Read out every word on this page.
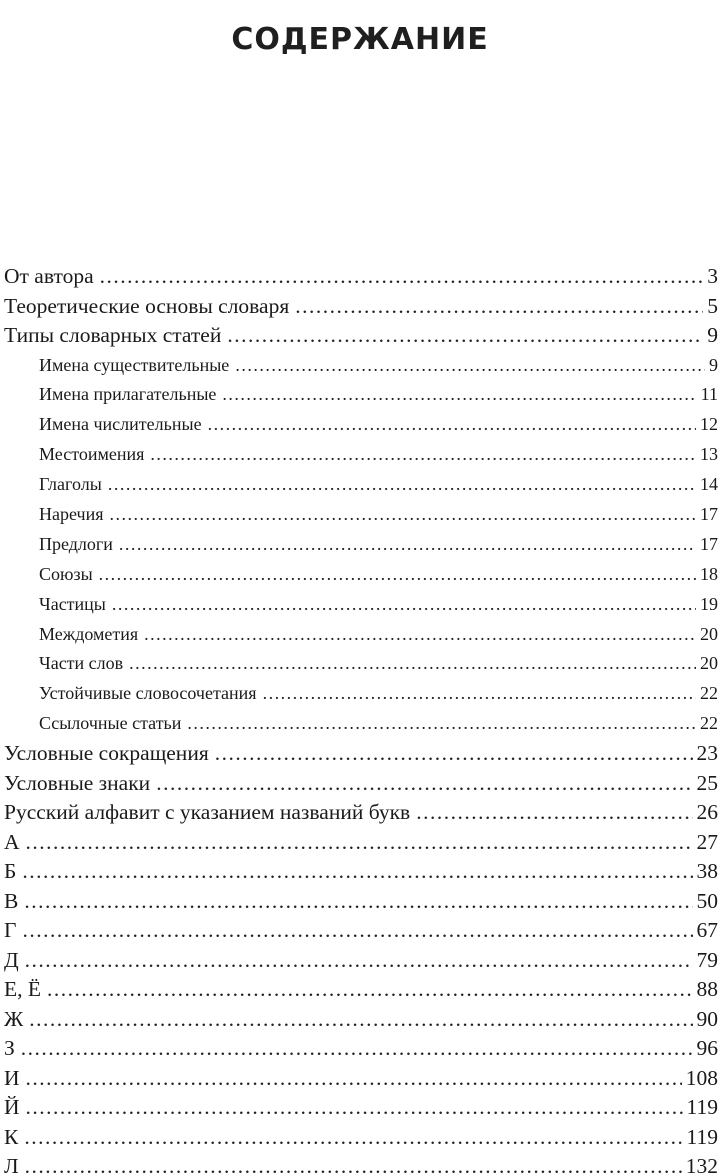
СОДЕРЖАНИЕ
От автора .....	3
Теоретические основы словаря .....	5
Типы словарных статей .....	9
Имена существительные .....	9
Имена прилагательные .....	11
Имена числительные .....	12
Местоимения .....	13
Глаголы .....	14
Наречия .....	17
Предлоги .....	17
Союзы .....	18
Частицы .....	19
Междометия .....	20
Части слов .....	20
Устойчивые словосочетания .....	22
Ссылочные статьи .....	22
Условные сокращения .....	23
Условные знаки .....	25
Русский алфавит с указанием названий букв .....	26
А .....	27
Б .....	38
В .....	50
Г .....	67
Д .....	79
Е, Ё .....	88
Ж .....	90
З .....	96
И .....	108
Й .....	119
К .....	119
Л .....	132
